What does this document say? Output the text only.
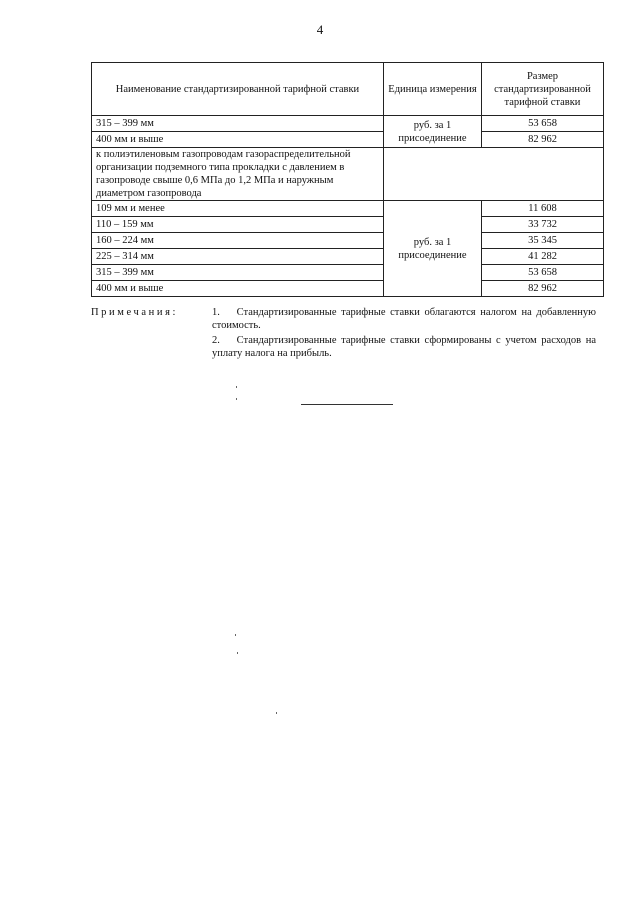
4
Наименование стандартизированной тарифной ставки	Единица измерения	Размер стандартизированной тарифной ставки
315 – 399 мм	руб. за 1 присоединение	53 658
400 мм и выше		82 962
к полиэтиленовым газопроводам газораспределительной организации подземного типа прокладки с давлением в газопроводе свыше 0,6 МПа до 1,2 МПа и наружным диаметром газопровода		
109 мм и менее	руб. за 1 присоединение	11 608
110 – 159 мм		33 732
160 – 224 мм		35 345
225 – 314 мм		41 282
315 – 399 мм		53 658
400 мм и выше		82 962
Примечания:	1. Стандартизированные тарифные ставки облагаются налогом на добавленную стоимость.
2. Стандартизированные тарифные ставки сформированы с учетом расходов на уплату налога на прибыль.
